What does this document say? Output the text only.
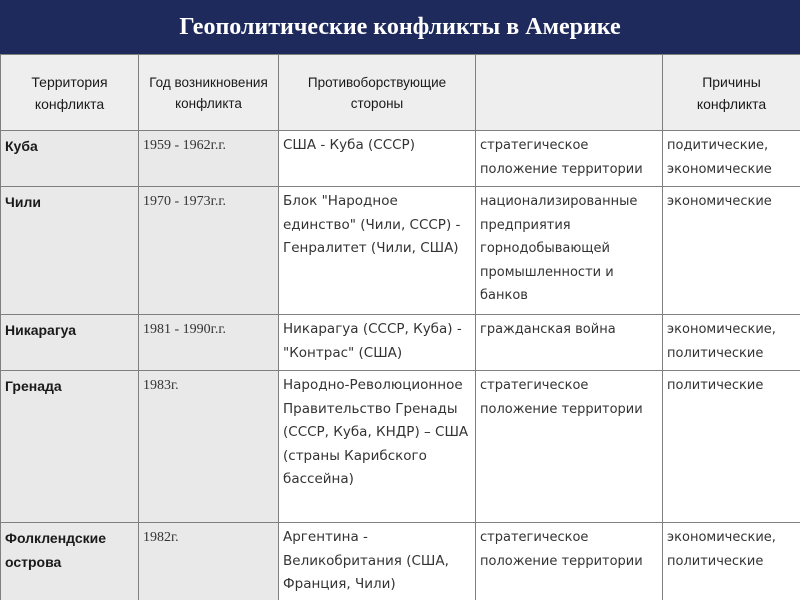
Геополитические конфликты в Америке
Территория конфликта	Год возникновения конфликта	Противоборствующие стороны		Причины конфликта
Куба	1959 - 1962г.г.	США - Куба (СССР)	стратегическое положение территории	подитические, экономические
Чили	1970 - 1973г.г.	Блок "Народное единство" (Чили, СССР) - Генралитет (Чили, США)	национализированные предприятия горнодобывающей промышленности и банков	экономические
Никарагуа	1981 - 1990г.г.	Никарагуа (СССР, Куба) - "Контрас" (США)	гражданская война	экономические, политические
Гренада	1983г.	Народно-Революционное Правительство Гренады (СССР, Куба, КНДР) – США (страны Карибского бассейна)	стратегическое положение территории	политические
Фолклендские острова	1982г.	Аргентина - Великобритания (США, Франция, Чили)	стратегическое положение территории	экономические, политические
